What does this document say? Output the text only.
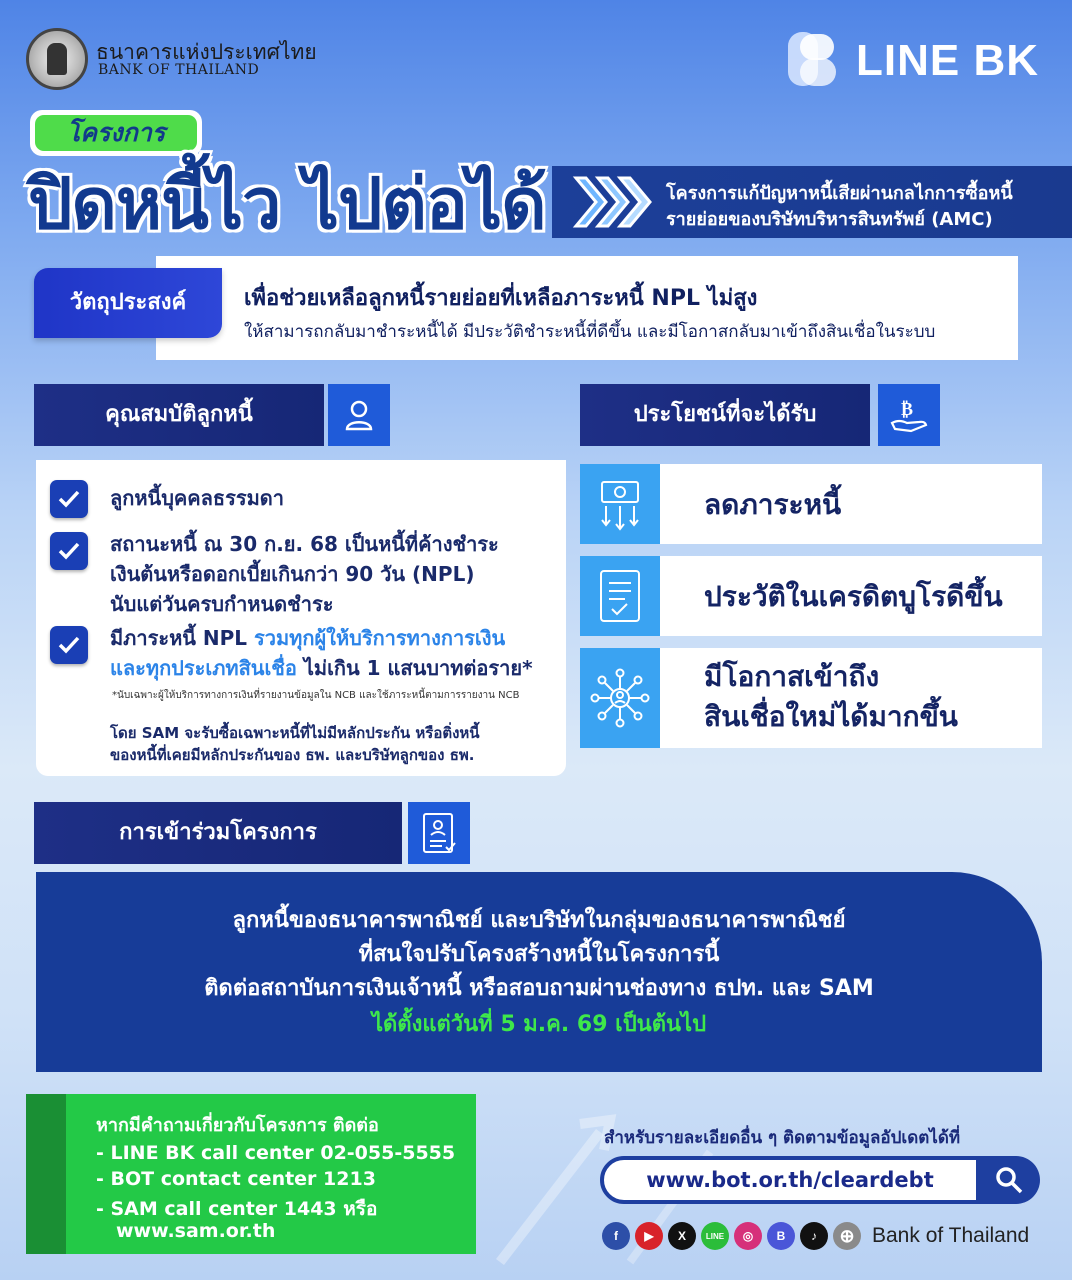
ธนาคารแห่งประเทศไทย
BANK OF THAILAND	LINE BK
โครงการ
ปิดหนี้ไว ไปต่อได้	โครงการแก้ปัญหาหนี้เสียผ่านกลไกการซื้อหนี้
รายย่อยของบริษัทบริหารสินทรัพย์ (AMC)
วัตถุประสงค์	เพื่อช่วยเหลือลูกหนี้รายย่อยที่เหลือภาระหนี้ NPL ไม่สูง
ให้สามารถกลับมาชำระหนี้ได้ มีประวัติชำระหนี้ที่ดีขึ้น และมีโอกาสกลับมาเข้าถึงสินเชื่อในระบบ
คุณสมบัติลูกหนี้	ประโยชน์ที่จะได้รับ	₿
ลูกหนี้บุคคลธรรมดา
สถานะหนี้ ณ 30 ก.ย. 68 เป็นหนี้ที่ค้างชำระ
เงินต้นหรือดอกเบี้ยเกินกว่า 90 วัน (NPL)
นับแต่วันครบกำหนดชำระ
มีภาระหนี้ NPL รวมทุกผู้ให้บริการทางการเงิน
และทุกประเภทสินเชื่อ ไม่เกิน 1 แสนบาทต่อราย*
*นับเฉพาะผู้ให้บริการทางการเงินที่รายงานข้อมูลใน NCB และใช้ภาระหนี้ตามการรายงาน NCB
โดย SAM จะรับซื้อเฉพาะหนี้ที่ไม่มีหลักประกัน หรือติ่งหนี้
ของหนี้ที่เคยมีหลักประกันของ ธพ. และบริษัทลูกของ ธพ.
ลดภาระหนี้
ประวัติในเครดิตบูโรดีขึ้น
มีโอกาสเข้าถึง
สินเชื่อใหม่ได้มากขึ้น
การเข้าร่วมโครงการ
ลูกหนี้ของธนาคารพาณิชย์ และบริษัทในกลุ่มของธนาคารพาณิชย์
ที่สนใจปรับโครงสร้างหนี้ในโครงการนี้
ติดต่อสถาบันการเงินเจ้าหนี้ หรือสอบถามผ่านช่องทาง ธปท. และ SAM
ได้ตั้งแต่วันที่ 5 ม.ค. 69 เป็นต้นไป
หากมีคำถามเกี่ยวกับโครงการ ติดต่อ
- LINE BK call center 02-055-5555
- BOT contact center 1213
- SAM call center 1443 หรือ
www.sam.or.th
สำหรับรายละเอียดอื่น ๆ ติดตามข้อมูลอัปเดตได้ที่
www.bot.or.th/cleardebt
f ▶ X LINE ◎ B ♪ ⊕ Bank of Thailand
